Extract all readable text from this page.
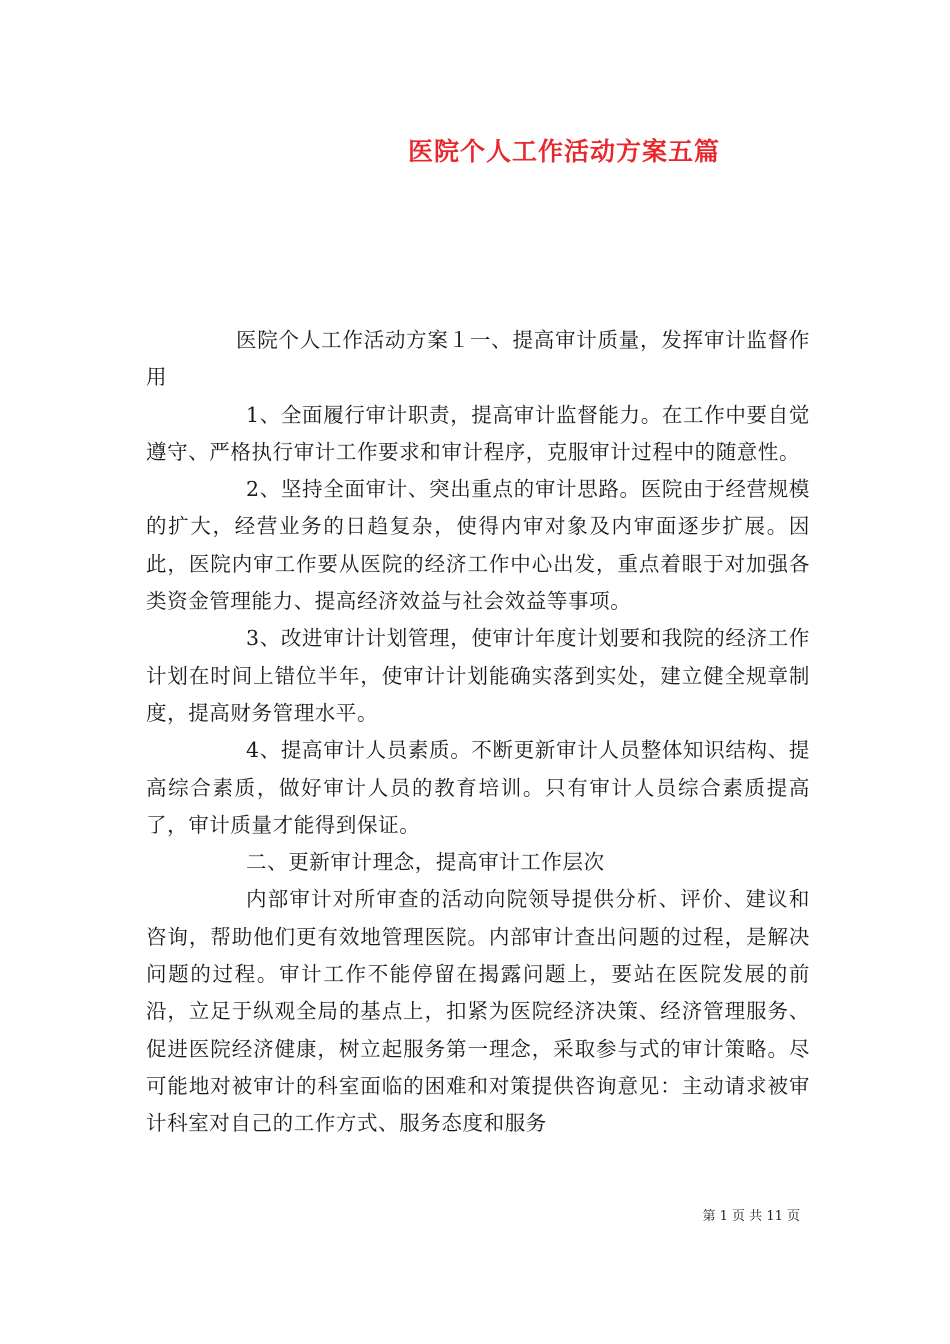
医院个人工作活动方案五篇

医院个人工作活动方案１一、提高审计质量，发挥审计监督作用

1、全面履行审计职责，提高审计监督能力。在工作中要自觉遵守、严格执行审计工作要求和审计程序，克服审计过程中的随意性。

2、坚持全面审计、突出重点的审计思路。医院由于经营规模的扩大，经营业务的日趋复杂，使得内审对象及内审面逐步扩展。因此，医院内审工作要从医院的经济工作中心出发，重点着眼于对加强各类资金管理能力、提高经济效益与社会效益等事项。

3、改进审计计划管理，使审计年度计划要和我院的经济工作计划在时间上错位半年，使审计计划能确实落到实处，建立健全规章制度，提高财务管理水平。

4、提高审计人员素质。不断更新审计人员整体知识结构、提高综合素质，做好审计人员的教育培训。只有审计人员综合素质提高了，审计质量才能得到保证。

二、更新审计理念，提高审计工作层次

内部审计对所审查的活动向院领导提供分析、评价、建议和咨询，帮助他们更有效地管理医院。内部审计查出问题的过程，是解决问题的过程。审计工作不能停留在揭露问题上，要站在医院发展的前沿，立足于纵观全局的基点上，扣紧为医院经济决策、经济管理服务、促进医院经济健康，树立起服务第一理念，采取参与式的审计策略。尽可能地对被审计的科室面临的困难和对策提供咨询意见：主动请求被审计科室对自己的工作方式、服务态度和服务

第 1 页 共 11 页
